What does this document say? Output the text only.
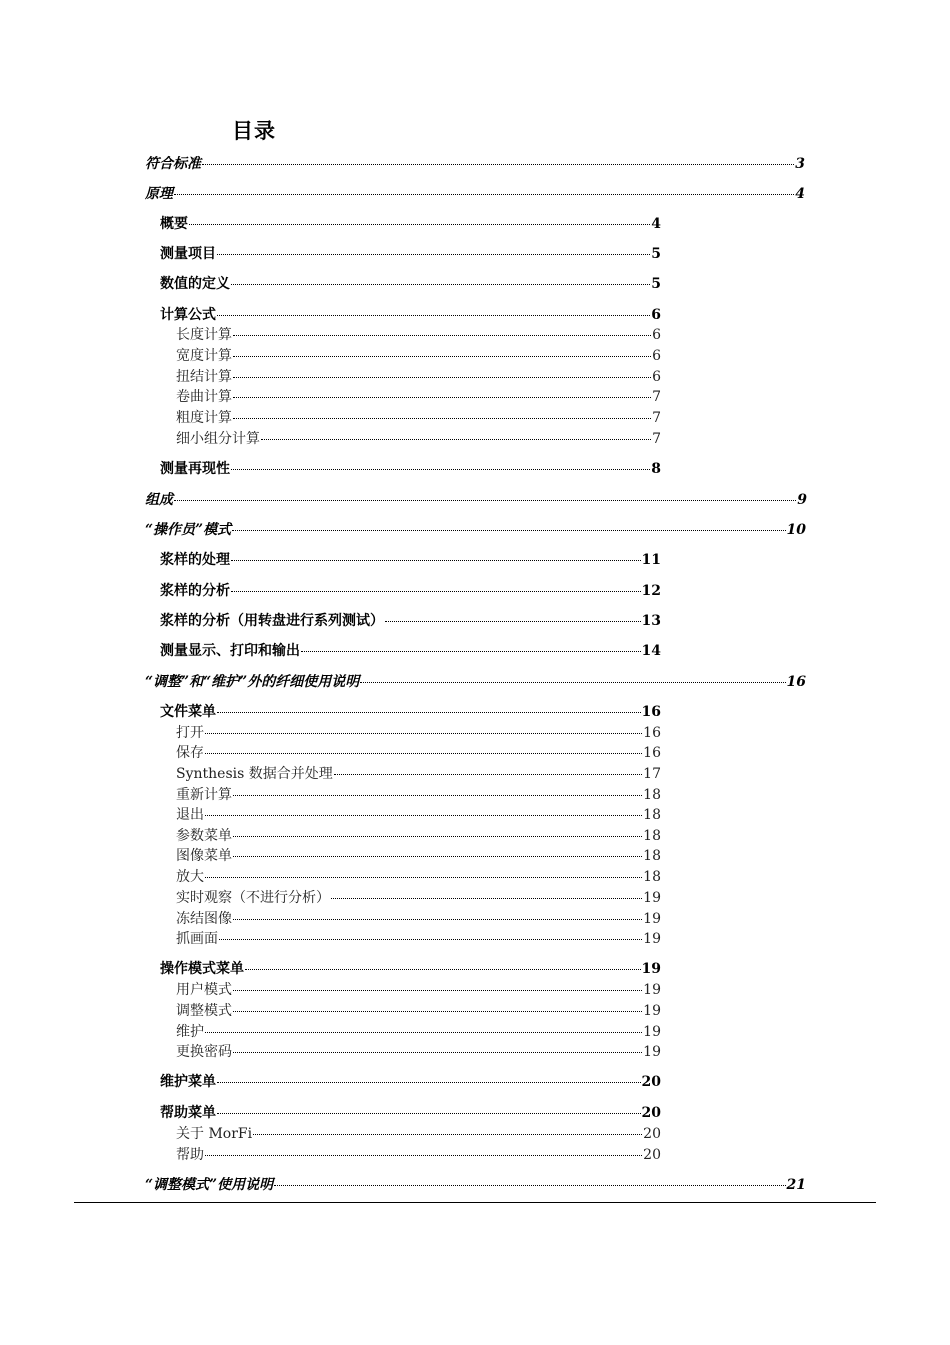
目录
符合标准	3
原理	4
概要	4
测量项目	5
数值的定义	5
计算公式	6
长度计算	6
宽度计算	6
扭结计算	6
卷曲计算	7
粗度计算	7
细小组分计算	7
测量再现性	8
组成	9
“操作员”模式	10
浆样的处理	11
浆样的分析	12
浆样的分析（用转盘进行系列测试）	13
测量显示、打印和输出	14
“调整”和“维护”外的纤细使用说明	16
文件菜单	16
打开	16
保存	16
Synthesis 数据合并处理	17
重新计算	18
退出	18
参数菜单	18
图像菜单	18
放大	18
实时观察（不进行分析）	19
冻结图像	19
抓画面	19
操作模式菜单	19
用户模式	19
调整模式	19
维护	19
更换密码	19
维护菜单	20
帮助菜单	20
关于 MorFi	20
帮助	20
“调整模式”使用说明	21
